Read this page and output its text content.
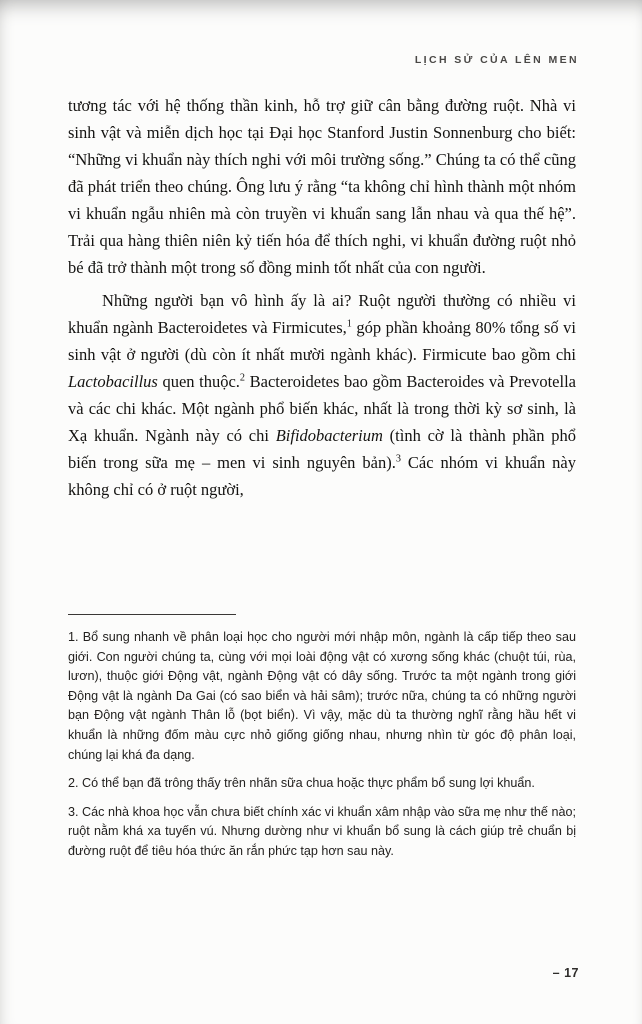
LỊCH SỬ CỦA LÊN MEN

tương tác với hệ thống thần kinh, hỗ trợ giữ cân bằng đường ruột. Nhà vi sinh vật và miễn dịch học tại Đại học Stanford Justin Sonnenburg cho biết: “Những vi khuẩn này thích nghi với môi trường sống.” Chúng ta có thể cũng đã phát triển theo chúng. Ông lưu ý rằng “ta không chỉ hình thành một nhóm vi khuẩn ngẫu nhiên mà còn truyền vi khuẩn sang lẫn nhau và qua thế hệ”. Trải qua hàng thiên niên kỷ tiến hóa để thích nghi, vi khuẩn đường ruột nhỏ bé đã trở thành một trong số đồng minh tốt nhất của con người.

Những người bạn vô hình ấy là ai? Ruột người thường có nhiều vi khuẩn ngành Bacteroidetes và Firmicutes,$^1$ góp phần khoảng 80% tổng số vi sinh vật ở người (dù còn ít nhất mười ngành khác). Firmicute bao gồm chi Lactobacillus quen thuộc.$^2$ Bacteroidetes bao gồm Bacteroides và Prevotella và các chi khác. Một ngành phổ biến khác, nhất là trong thời kỳ sơ sinh, là Xạ khuẩn. Ngành này có chi Bifidobacterium (tình cờ là thành phần phổ biến trong sữa mẹ – men vi sinh nguyên bản).$^3$ Các nhóm vi khuẩn này không chỉ có ở ruột người,

1. Bổ sung nhanh về phân loại học cho người mới nhập môn, ngành là cấp tiếp theo sau giới. Con người chúng ta, cùng với mọi loài động vật có xương sống khác (chuột túi, rùa, lươn), thuộc giới Động vật, ngành Động vật có dây sống. Trước ta một ngành trong giới Động vật là ngành Da Gai (có sao biển và hải sâm); trước nữa, chúng ta có những người bạn Động vật ngành Thân lỗ (bọt biển). Vì vậy, mặc dù ta thường nghĩ rằng hầu hết vi khuẩn là những đốm màu cực nhỏ giống giống nhau, nhưng nhìn từ góc độ phân loại, chúng lại khá đa dạng.

2. Có thể bạn đã trông thấy trên nhãn sữa chua hoặc thực phẩm bổ sung lợi khuẩn.

3. Các nhà khoa học vẫn chưa biết chính xác vi khuẩn xâm nhập vào sữa mẹ như thế nào; ruột nằm khá xa tuyến vú. Nhưng dường như vi khuẩn bổ sung là cách giúp trẻ chuẩn bị đường ruột để tiêu hóa thức ăn rắn phức tạp hơn sau này.

– 17
